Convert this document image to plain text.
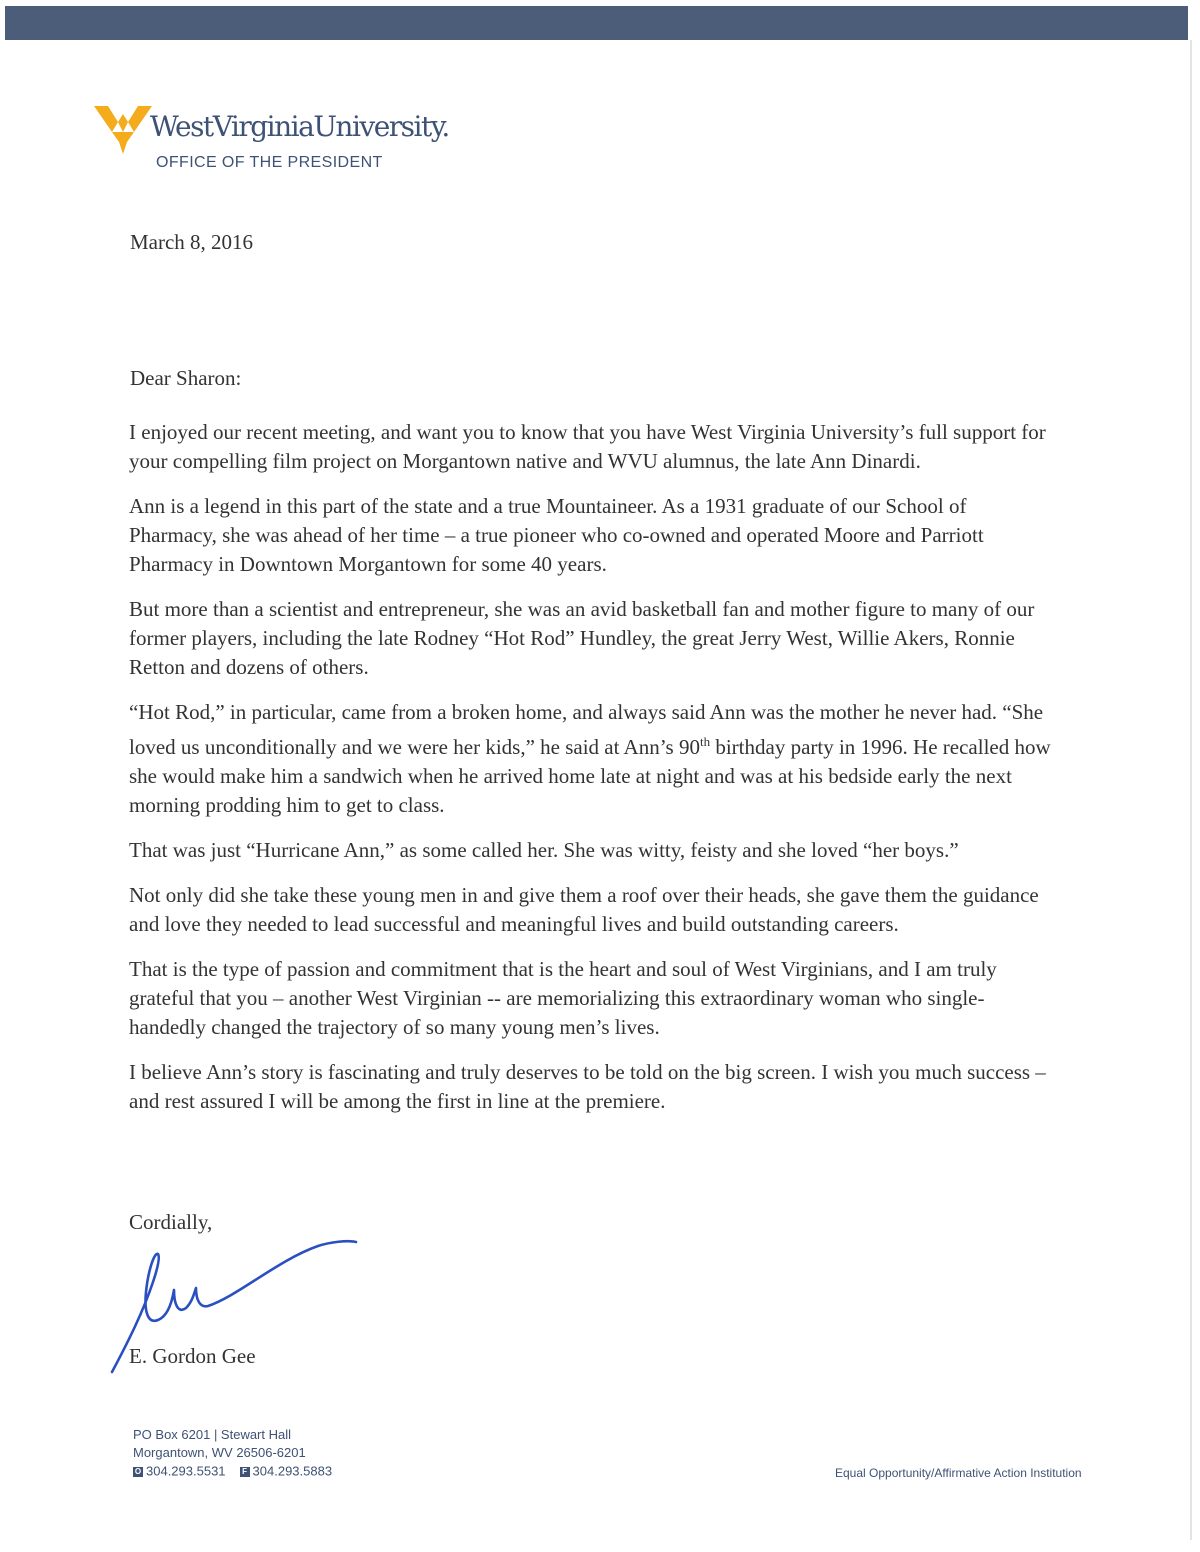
WestVirginiaUniversity.
OFFICE OF THE PRESIDENT
March 8, 2016
Dear Sharon:

I enjoyed our recent meeting, and want you to know that you have West Virginia University’s full support for your compelling film project on Morgantown native and WVU alumnus, the late Ann Dinardi.

Ann is a legend in this part of the state and a true Mountaineer. As a 1931 graduate of our School of Pharmacy, she was ahead of her time – a true pioneer who co-owned and operated Moore and Parriott Pharmacy in Downtown Morgantown for some 40 years.

But more than a scientist and entrepreneur, she was an avid basketball fan and mother figure to many of our former players, including the late Rodney “Hot Rod” Hundley, the great Jerry West, Willie Akers, Ronnie Retton and dozens of others.

“Hot Rod,” in particular, came from a broken home, and always said Ann was the mother he never had. “She loved us unconditionally and we were her kids,” he said at Ann’s 90th birthday party in 1996. He recalled how she would make him a sandwich when he arrived home late at night and was at his bedside early the next morning prodding him to get to class.

That was just “Hurricane Ann,” as some called her. She was witty, feisty and she loved “her boys.”

Not only did she take these young men in and give them a roof over their heads, she gave them the guidance and love they needed to lead successful and meaningful lives and build outstanding careers.

That is the type of passion and commitment that is the heart and soul of West Virginians, and I am truly grateful that you – another West Virginian -- are memorializing this extraordinary woman who single-handedly changed the trajectory of so many young men’s lives.

I believe Ann’s story is fascinating and truly deserves to be told on the big screen. I wish you much success – and rest assured I will be among the first in line at the premiere.

Cordially,
E. Gordon Gee
PO Box 6201 | Stewart Hall
Morgantown, WV 26506-6201
O 304.293.5531 F 304.293.5883	Equal Opportunity/Affirmative Action Institution
